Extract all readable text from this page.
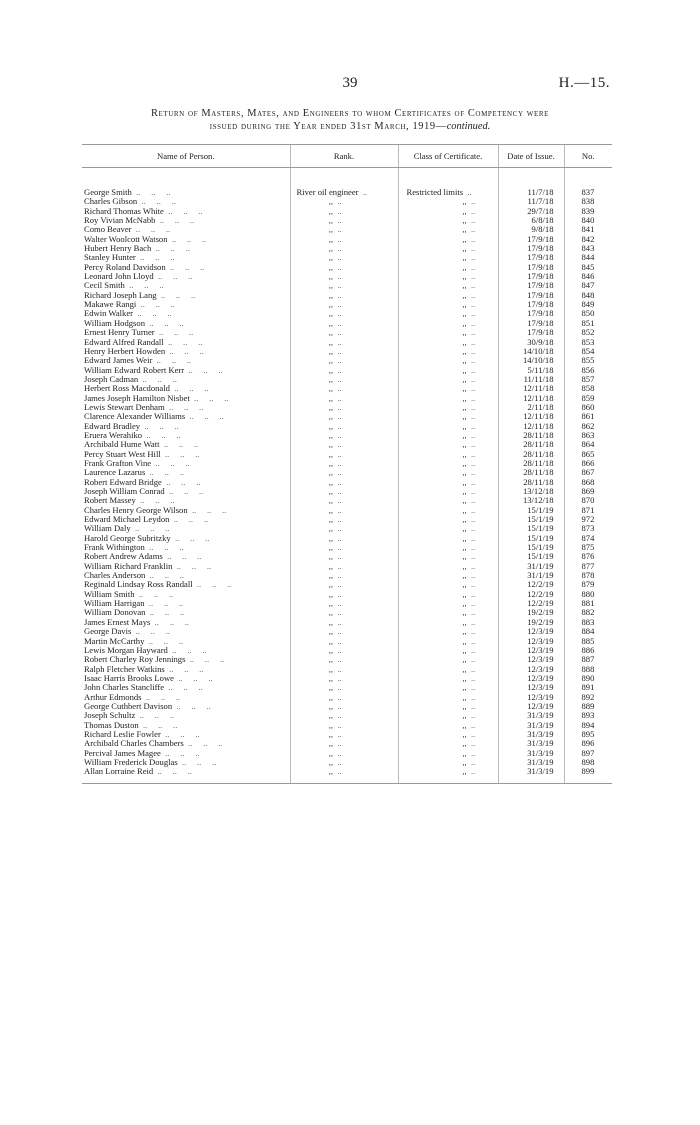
39	H.—15.
Return of Masters, Mates, and Engineers to whom Certificates of Competency were
issued during the Year ended 31st March, 1919—continued.
Name of Person.	Rank.	Class of Certificate.	Date of Issue.	No.

George Smith ..     ..     ..	River oil engineer ..	Restricted limits ..	11/7/18	837
Charles Gibson ..     ..     ..	,, ..	,, ..	11/7/18	838
Richard Thomas White ..     ..     ..	,, ..	,, ..	29/7/18	839
Roy Vivian McNabb ..     ..     ..	,, ..	,, ..	6/8/18	840
Como Beaver ..     ..     ..	,, ..	,, ..	9/8/18	841
Walter Woolcott Watson ..     ..     ..	,, ..	,, ..	17/9/18	842
Hubert Henry Bach ..     ..     ..	,, ..	,, ..	17/9/18	843
Stanley Hunter ..     ..     ..	,, ..	,, ..	17/9/18	844
Percy Roland Davidson ..     ..     ..	,, ..	,, ..	17/9/18	845
Leonard John Lloyd ..     ..     ..	,, ..	,, ..	17/9/18	846
Cecil Smith ..     ..     ..	,, ..	,, ..	17/9/18	847
Richard Joseph Lang ..     ..     ..	,, ..	,, ..	17/9/18	848
Makawe Rangi ..     ..     ..	,, ..	,, ..	17/9/18	849
Edwin Walker ..     ..     ..	,, ..	,, ..	17/9/18	850
William Hodgson ..     ..     ..	,, ..	,, ..	17/9/18	851
Ernest Henry Turner ..     ..     ..	,, ..	,, ..	17/9/18	852
Edward Alfred Randall ..     ..     ..	,, ..	,, ..	30/9/18	853
Henry Herbert Howden ..     ..     ..	,, ..	,, ..	14/10/18	854
Edward James Weir ..     ..     ..	,, ..	,, ..	14/10/18	855
William Edward Robert Kerr ..     ..     ..	,, ..	,, ..	5/11/18	856
Joseph Cadman ..     ..     ..	,, ..	,, ..	11/11/18	857
Herbert Ross Macdonald ..     ..     ..	,, ..	,, ..	12/11/18	858
James Joseph Hamilton Nisbet ..     ..     ..	,, ..	,, ..	12/11/18	859
Lewis Stewart Denham ..     ..     ..	,, ..	,, ..	2/11/18	860
Clarence Alexander Williams ..     ..     ..	,, ..	,, ..	12/11/18	861
Edward Bradley ..     ..     ..	,, ..	,, ..	12/11/18	862
Eruera Werahiko ..     ..     ..	,, ..	,, ..	28/11/18	863
Archibald Hume Watt ..     ..     ..	,, ..	,, ..	28/11/18	864
Percy Stuart West Hill ..     ..     ..	,, ..	,, ..	28/11/18	865
Frank Grafton Vine ..     ..     ..	,, ..	,, ..	28/11/18	866
Laurence Lazarus ..     ..     ..	,, ..	,, ..	28/11/18	867
Robert Edward Bridge ..     ..     ..	,, ..	,, ..	28/11/18	868
Joseph William Conrad ..     ..     ..	,, ..	,, ..	13/12/18	869
Robert Massey ..     ..     ..	,, ..	,, ..	13/12/18	870
Charles Henry George Wilson ..     ..     ..	,, ..	,, ..	15/1/19	871
Edward Michael Leydon ..     ..     ..	,, ..	,, ..	15/1/19	972
William Daly ..     ..     ..	,, ..	,, ..	15/1/19	873
Harold George Subritzky ..     ..     ..	,, ..	,, ..	15/1/19	874
Frank Withington ..     ..     ..	,, ..	,, ..	15/1/19	875
Robert Andrew Adams ..     ..     ..	,, ..	,, ..	15/1/19	876
William Richard Franklin ..     ..     ..	,, ..	,, ..	31/1/19	877
Charles Anderson ..     ..     ..	,, ..	,, ..	31/1/19	878
Reginald Lindsay Ross Randall ..     ..     ..	,, ..	,, ..	12/2/19	879
William Smith ..     ..     ..	,, ..	,, ..	12/2/19	880
William Harrigan ..     ..     ..	,, ..	,, ..	12/2/19	881
William Donovan ..     ..     ..	,, ..	,, ..	19/2/19	882
James Ernest Mays ..     ..     ..	,, ..	,, ..	19/2/19	883
George Davis ..     ..     ..	,, ..	,, ..	12/3/19	884
Martin McCarthy ..     ..     ..	,, ..	,, ..	12/3/19	885
Lewis Morgan Hayward ..     ..     ..	,, ..	,, ..	12/3/19	886
Robert Charley Roy Jennings ..     ..     ..	,, ..	,, ..	12/3/19	887
Ralph Fletcher Watkins ..     ..     ..	,, ..	,, ..	12/3/19	888
Isaac Harris Brooks Lowe ..     ..     ..	,, ..	,, ..	12/3/19	890
John Charles Stancliffe ..     ..     ..	,, ..	,, ..	12/3/19	891
Arthur Edmonds ..     ..     ..	,, ..	,, ..	12/3/19	892
George Cuthbert Davison ..     ..     ..	,, ..	,, ..	12/3/19	889
Joseph Schultz ..     ..     ..	,, ..	,, ..	31/3/19	893
Thomas Duston ..     ..     ..	,, ..	,, ..	31/3/19	894
Richard Leslie Fowler ..     ..     ..	,, ..	,, ..	31/3/19	895
Archibald Charles Chambers ..     ..     ..	,, ..	,, ..	31/3/19	896
Percival James Magee ..     ..     ..	,, ..	,, ..	31/3/19	897
William Frederick Douglas ..     ..     ..	,, ..	,, ..	31/3/19	898
Allan Lorraine Reid ..     ..     ..	,, ..	,, ..	31/3/19	899
